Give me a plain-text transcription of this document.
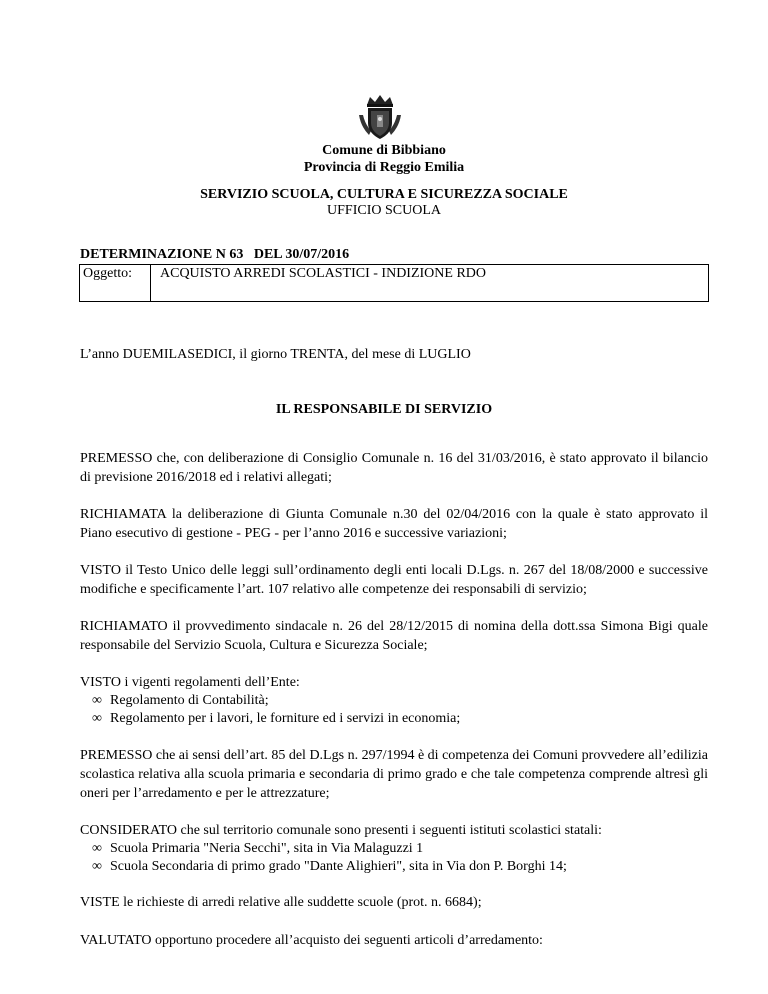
Comune di Bibbiano
Provincia di Reggio Emilia
SERVIZIO SCUOLA, CULTURA E SICUREZZA SOCIALE
UFFICIO SCUOLA
DETERMINAZIONE N 63   DEL 30/07/2016
Oggetto: ACQUISTO ARREDI SCOLASTICI - INDIZIONE RDO
L’anno DUEMILASEDICI, il giorno TRENTA, del mese di LUGLIO
IL RESPONSABILE DI SERVIZIO
PREMESSO che, con deliberazione di Consiglio Comunale n. 16 del 31/03/2016, è stato approvato il bilancio di previsione 2016/2018 ed i relativi allegati;
RICHIAMATA la deliberazione di Giunta Comunale n.30 del 02/04/2016 con la quale è stato approvato il Piano esecutivo di gestione - PEG - per l’anno 2016 e successive variazioni;
VISTO il Testo Unico delle leggi sull’ordinamento degli enti locali D.Lgs. n. 267 del 18/08/2000 e successive modifiche e specificamente l’art. 107 relativo alle competenze dei responsabili di servizio;
RICHIAMATO il provvedimento sindacale n. 26 del 28/12/2015 di nomina della dott.ssa Simona Bigi quale responsabile del Servizio Scuola, Cultura e Sicurezza Sociale;
VISTO i vigenti regolamenti dell’Ente:
∞ Regolamento di Contabilità;
∞ Regolamento per i lavori, le forniture ed i servizi in economia;
PREMESSO che ai sensi dell’art. 85 del D.Lgs n. 297/1994 è di competenza dei Comuni provvedere all’edilizia scolastica relativa alla scuola primaria e secondaria di primo grado e che tale competenza comprende altresì gli oneri per l’arredamento e per le attrezzature;
CONSIDERATO che sul territorio comunale sono presenti i seguenti istituti scolastici statali:
∞ Scuola Primaria "Neria Secchi", sita in Via Malaguzzi 1
∞ Scuola Secondaria di primo grado "Dante Alighieri", sita in Via don P. Borghi 14;
VISTE le richieste di arredi relative alle suddette scuole (prot. n. 6684);
VALUTATO opportuno procedere all’acquisto dei seguenti articoli d’arredamento:
